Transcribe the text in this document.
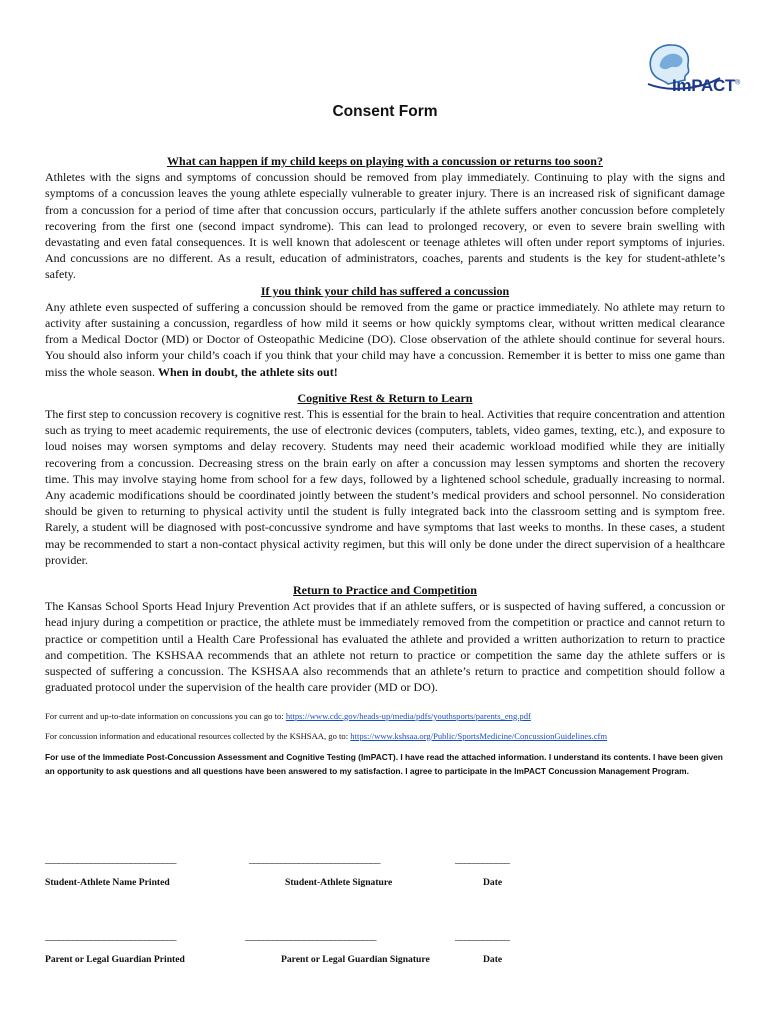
ImPACT®
Consent Form

What can happen if my child keeps on playing with a concussion or returns too soon?

Athletes with the signs and symptoms of concussion should be removed from play immediately. Continuing to play with the signs and symptoms of a concussion leaves the young athlete especially vulnerable to greater injury. There is an increased risk of significant damage from a concussion for a period of time after that concussion occurs, particularly if the athlete suffers another concussion before completely recovering from the first one (second impact syndrome). This can lead to prolonged recovery, or even to severe brain swelling with devastating and even fatal consequences. It is well known that adolescent or teenage athletes will often under report symptoms of injuries. And concussions are no different. As a result, education of administrators, coaches, parents and students is the key for student-athlete’s safety.

If you think your child has suffered a concussion

Any athlete even suspected of suffering a concussion should be removed from the game or practice immediately. No athlete may return to activity after sustaining a concussion, regardless of how mild it seems or how quickly symptoms clear, without written medical clearance from a Medical Doctor (MD) or Doctor of Osteopathic Medicine (DO). Close observation of the athlete should continue for several hours. You should also inform your child’s coach if you think that your child may have a concussion. Remember it is better to miss one game than miss the whole season. When in doubt, the athlete sits out!

Cognitive Rest & Return to Learn

The first step to concussion recovery is cognitive rest. This is essential for the brain to heal. Activities that require concentration and attention such as trying to meet academic requirements, the use of electronic devices (computers, tablets, video games, texting, etc.), and exposure to loud noises may worsen symptoms and delay recovery. Students may need their academic workload modified while they are initially recovering from a concussion. Decreasing stress on the brain early on after a concussion may lessen symptoms and shorten the recovery time. This may involve staying home from school for a few days, followed by a lightened school schedule, gradually increasing to normal. Any academic modifications should be coordinated jointly between the student’s medical providers and school personnel. No consideration should be given to returning to physical activity until the student is fully integrated back into the classroom setting and is symptom free. Rarely, a student will be diagnosed with post-concussive syndrome and have symptoms that last weeks to months. In these cases, a student may be recommended to start a non-contact physical activity regimen, but this will only be done under the direct supervision of a healthcare provider.

Return to Practice and Competition

The Kansas School Sports Head Injury Prevention Act provides that if an athlete suffers, or is suspected of having suffered, a concussion or head injury during a competition or practice, the athlete must be immediately removed from the competition or practice and cannot return to practice or competition until a Health Care Professional has evaluated the athlete and provided a written authorization to return to practice and competition. The KSHSAA recommends that an athlete not return to practice or competition the same day the athlete suffers or is suspected of suffering a concussion. The KSHSAA also recommends that an athlete’s return to practice and competition should follow a graduated protocol under the supervision of the health care provider (MD or DO).

For current and up-to-date information on concussions you can go to: https://www.cdc.gov/heads-up/media/pdfs/youthsports/parents_eng.pdf

For concussion information and educational resources collected by the KSHSAA, go to: https://www.kshsaa.org/Public/SportsMedicine/ConcussionGuidelines.cfm

For use of the Immediate Post-Concussion Assessment and Cognitive Testing (ImPACT). I have read the attached information. I understand its contents. I have been given an opportunity to ask questions and all questions have been answered to my satisfaction. I agree to participate in the ImPACT Concussion Management Program.

_____________________________	_____________________________	____________
Student-Athlete Name Printed	Student-Athlete Signature	Date
_____________________________	_____________________________	____________
Parent or Legal Guardian Printed	Parent or Legal Guardian Signature	Date
